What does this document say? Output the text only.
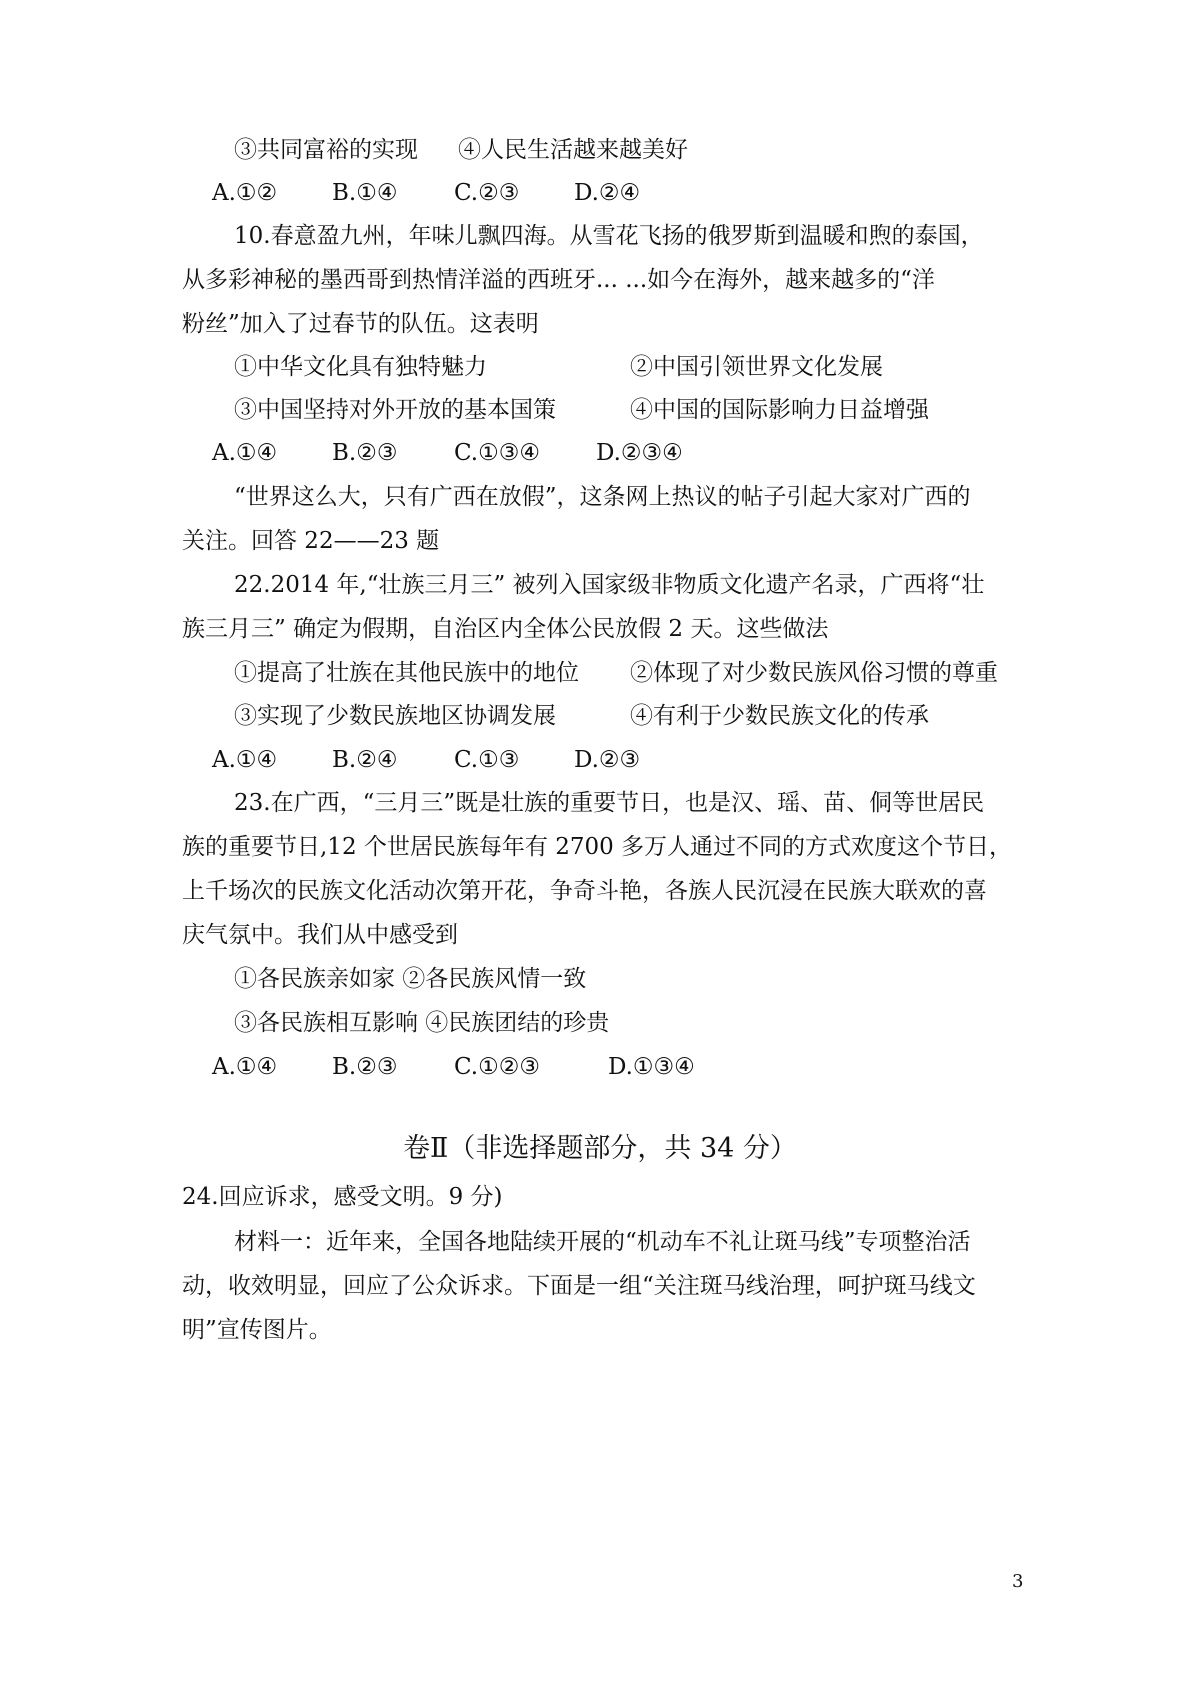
③共同富裕的实现 ④人民生活越来越美好
A.①② B.①④ C.②③ D.②④
10.春意盈九州，年味儿飘四海。从雪花飞扬的俄罗斯到温暖和煦的泰国，
从多彩神秘的墨西哥到热情洋溢的西班牙... ...如今在海外，越来越多的“洋
粉丝”加入了过春节的队伍。这表明
①中华文化具有独特魅力	②中国引领世界文化发展
③中国坚持对外开放的基本国策	④中国的国际影响力日益增强
A.①④ B.②③ C.①③④ D.②③④
“世界这么大，只有广西在放假”，这条网上热议的帖子引起大家对广西的
关注。回答 22——23 题
22.2014 年,“壮族三月三” 被列入国家级非物质文化遗产名录，广西将“壮
族三月三” 确定为假期，自治区内全体公民放假 2 天。这些做法
①提高了壮族在其他民族中的地位 ②体现了对少数民族风俗习惯的尊重
③实现了少数民族地区协调发展	④有利于少数民族文化的传承
A.①④ B.②④ C.①③ D.②③
23.在广西，“三月三”既是壮族的重要节日，也是汉、瑶、苗、侗等世居民
族的重要节日,12 个世居民族每年有 2700 多万人通过不同的方式欢度这个节日，
上千场次的民族文化活动次第开花，争奇斗艳，各族人民沉浸在民族大联欢的喜
庆气氛中。我们从中感受到
①各民族亲如家 ②各民族风情一致
③各民族相互影响 ④民族团结的珍贵
A.①④ B.②③ C.①②③	D.①③④
卷Ⅱ（非选择题部分，共 34 分）
24.回应诉求，感受文明。9 分)
材料一：近年来，全国各地陆续开展的“机动车不礼让斑马线”专项整治活
动，收效明显，回应了公众诉求。下面是一组“关注斑马线治理，呵护斑马线文
明”宣传图片。
3
